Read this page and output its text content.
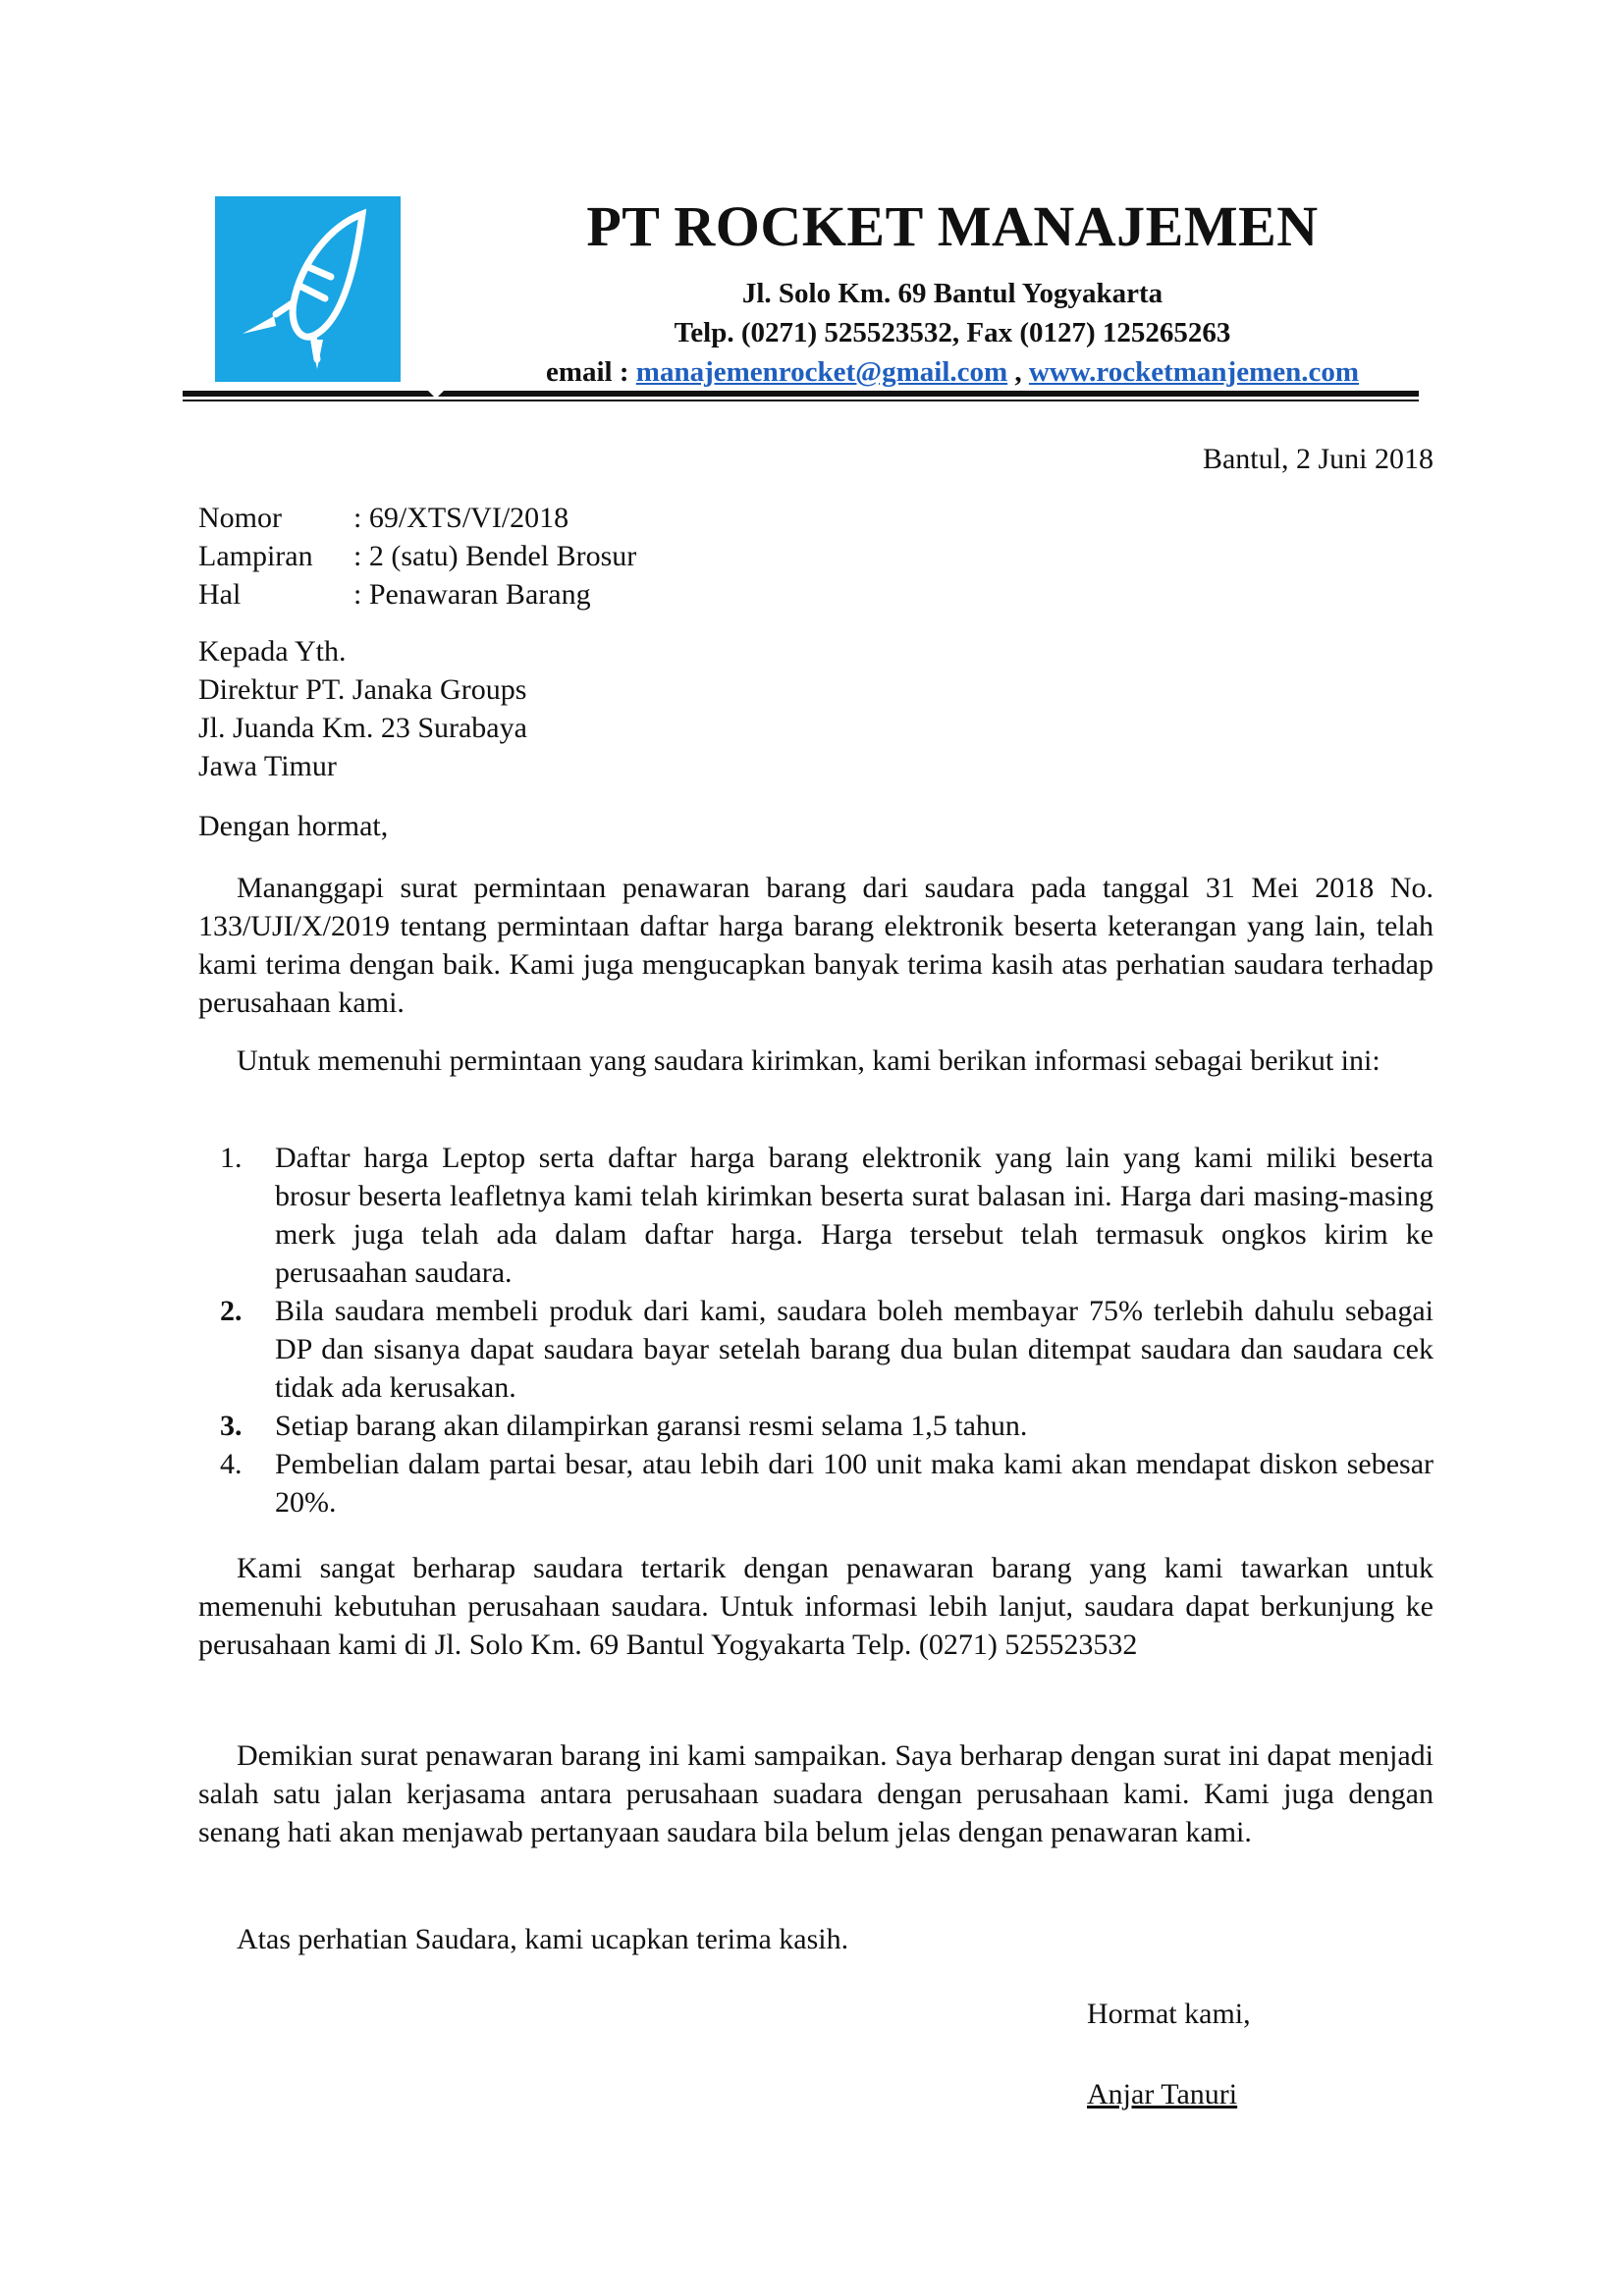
PT ROCKET MANAJEMEN
Jl. Solo Km. 69 Bantul Yogyakarta
Telp. (0271) 525523532, Fax (0127) 125265263
email : manajemenrocket@gmail.com , www.rocketmanjemen.com
Bantul, 2 Juni 2018
Nomor	: 69/XTS/VI/2018
Lampiran	: 2 (satu) Bendel Brosur
Hal	: Penawaran Barang
Kepada Yth.
Direktur PT. Janaka Groups
Jl. Juanda Km. 23 Surabaya
Jawa Timur
Dengan hormat,
Mananggapi surat permintaan penawaran barang dari saudara pada tanggal 31 Mei 2018 No. 133/UJI/X/2019 tentang permintaan daftar harga barang elektronik beserta keterangan yang lain, telah kami terima dengan baik. Kami juga mengucapkan banyak terima kasih atas perhatian saudara terhadap perusahaan kami.
Untuk memenuhi permintaan yang saudara kirimkan, kami berikan informasi sebagai berikut ini:
1.	Daftar harga Leptop serta daftar harga barang elektronik yang lain yang kami miliki beserta brosur beserta leafletnya kami telah kirimkan beserta surat balasan ini. Harga dari masing-masing merk juga telah ada dalam daftar harga. Harga tersebut telah termasuk ongkos kirim ke perusaahan saudara.
2.	Bila saudara membeli produk dari kami, saudara boleh membayar 75% terlebih dahulu sebagai DP dan sisanya dapat saudara bayar setelah barang dua bulan ditempat saudara dan saudara cek tidak ada kerusakan.
3.	Setiap barang akan dilampirkan garansi resmi selama 1,5 tahun.
4.	Pembelian dalam partai besar, atau lebih dari 100 unit maka kami akan mendapat diskon sebesar 20%.
Kami sangat berharap saudara tertarik dengan penawaran barang yang kami tawarkan untuk memenuhi kebutuhan perusahaan saudara. Untuk informasi lebih lanjut, saudara dapat berkunjung ke perusahaan kami di Jl. Solo Km. 69 Bantul Yogyakarta Telp. (0271) 525523532
Demikian surat penawaran barang ini kami sampaikan. Saya berharap dengan surat ini dapat menjadi salah satu jalan kerjasama antara perusahaan suadara dengan perusahaan kami. Kami juga dengan senang hati akan menjawab pertanyaan saudara bila belum jelas dengan penawaran kami.
Atas perhatian Saudara, kami ucapkan terima kasih.
Hormat kami,
Anjar Tanuri
